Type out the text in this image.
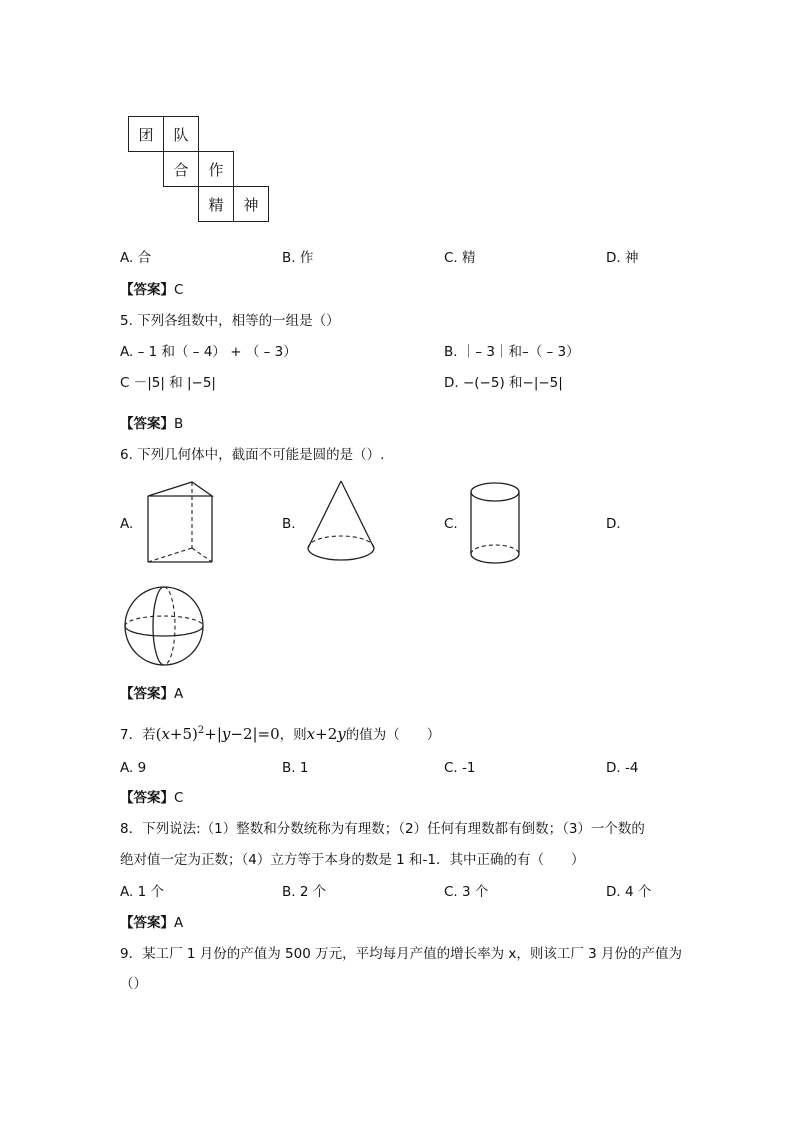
团	队
合	作
精	神
A. 合	B. 作	C. 精	D. 神
【答案】C
5. 下列各组数中，相等的一组是（）
A. – 1 和（ – 4） + （ – 3）	B. ｜– 3｜和–（ – 3）
C －|5| 和 |−5|	D. −(−5) 和−|−5|
【答案】B
6. 下列几何体中，截面不可能是圆的是（）.
A.	B.	C.	D.
【答案】A
7．若$(x+5)^2+|y-2|=0$，则x+2y的值为（　　）
A. 9	B. 1	C. -1	D. -4
【答案】C
8．下列说法:（1）整数和分数统称为有理数；（2）任何有理数都有倒数；（3）一个数的
绝对值一定为正数；（4）立方等于本身的数是 1 和-1．其中正确的有（　　）
A. 1 个	B. 2 个	C. 3 个	D. 4 个
【答案】A
9．某工厂 1 月份的产值为 500 万元，平均每月产值的增长率为 x，则该工厂 3 月份的产值为
（）
